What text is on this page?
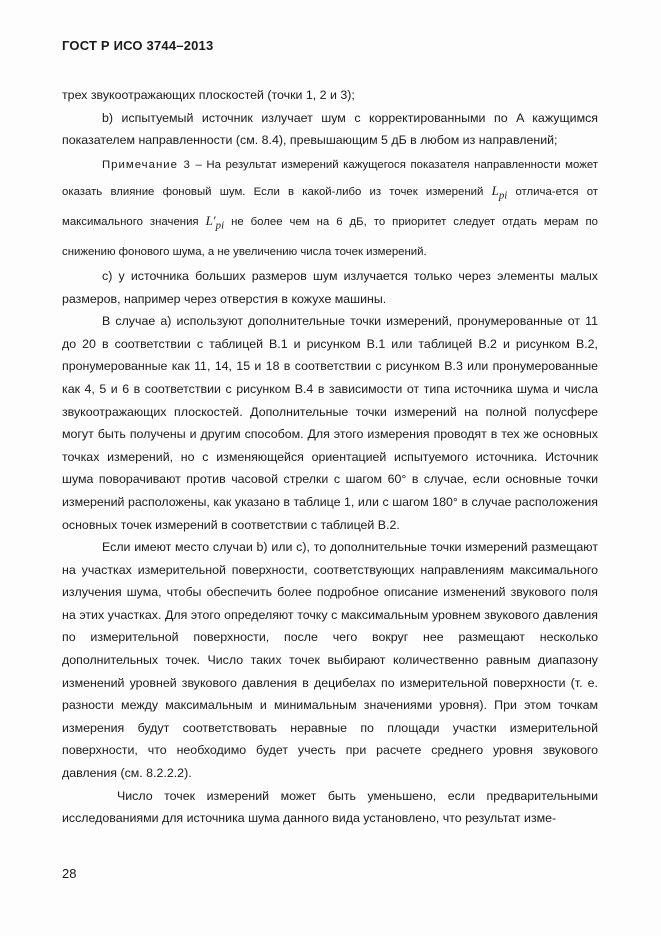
ГОСТ Р ИСО 3744–2013

трех звукоотражающих плоскостей (точки 1, 2 и 3);

b) испытуемый источник излучает шум с корректированными по A кажущимся показателем направленности (см. 8.4), превышающим 5 дБ в любом из направлений;

Примечание 3 – На результат измерений кажущегося показателя направленности может оказать влияние фоновый шум. Если в какой-либо из точек измерений $L_{pi}$ отлича-ется от максимального значения $L'_{pi}$ не более чем на 6 дБ, то приоритет следует отдать мерам по снижению фонового шума, а не увеличению числа точек измерений.

c) у источника больших размеров шум излучается только через элементы малых размеров, например через отверстия в кожухе машины.

В случае a) используют дополнительные точки измерений, пронумерованные от 11 до 20 в соответствии с таблицей B.1 и рисунком B.1 или таблицей B.2 и рисунком B.2, пронумерованные как 11, 14, 15 и 18 в соответствии с рисунком B.3 или пронумерованные как 4, 5 и 6 в соответствии с рисунком B.4 в зависимости от типа источника шума и числа звукоотражающих плоскостей. Дополнительные точки измерений на полной полусфере могут быть получены и другим способом. Для этого измерения проводят в тех же основных точках измерений, но с изменяющейся ориентацией испытуемого источника. Источник шума поворачивают против часовой стрелки с шагом 60° в случае, если основные точки измерений расположены, как указано в таблице 1, или с шагом 180° в случае расположения основных точек измерений в соответствии с таблицей B.2.

Если имеют место случаи b) или c), то дополнительные точки измерений размещают на участках измерительной поверхности, соответствующих направлениям максимального излучения шума, чтобы обеспечить более подробное описание изменений звукового поля на этих участках. Для этого определяют точку с максимальным уровнем звукового давления по измерительной поверхности, после чего вокруг нее размещают несколько дополнительных точек. Число таких точек выбирают количественно равным диапазону изменений уровней звукового давления в децибелах по измерительной поверхности (т. е. разности между максимальным и минимальным значениями уровня). При этом точкам измерения будут соответствовать неравные по площади участки измерительной поверхности, что необходимо будет учесть при расчете среднего уровня звукового давления (см. 8.2.2.2).

Число точек измерений может быть уменьшено, если предварительными исследованиями для источника шума данного вида установлено, что результат изме-

28
